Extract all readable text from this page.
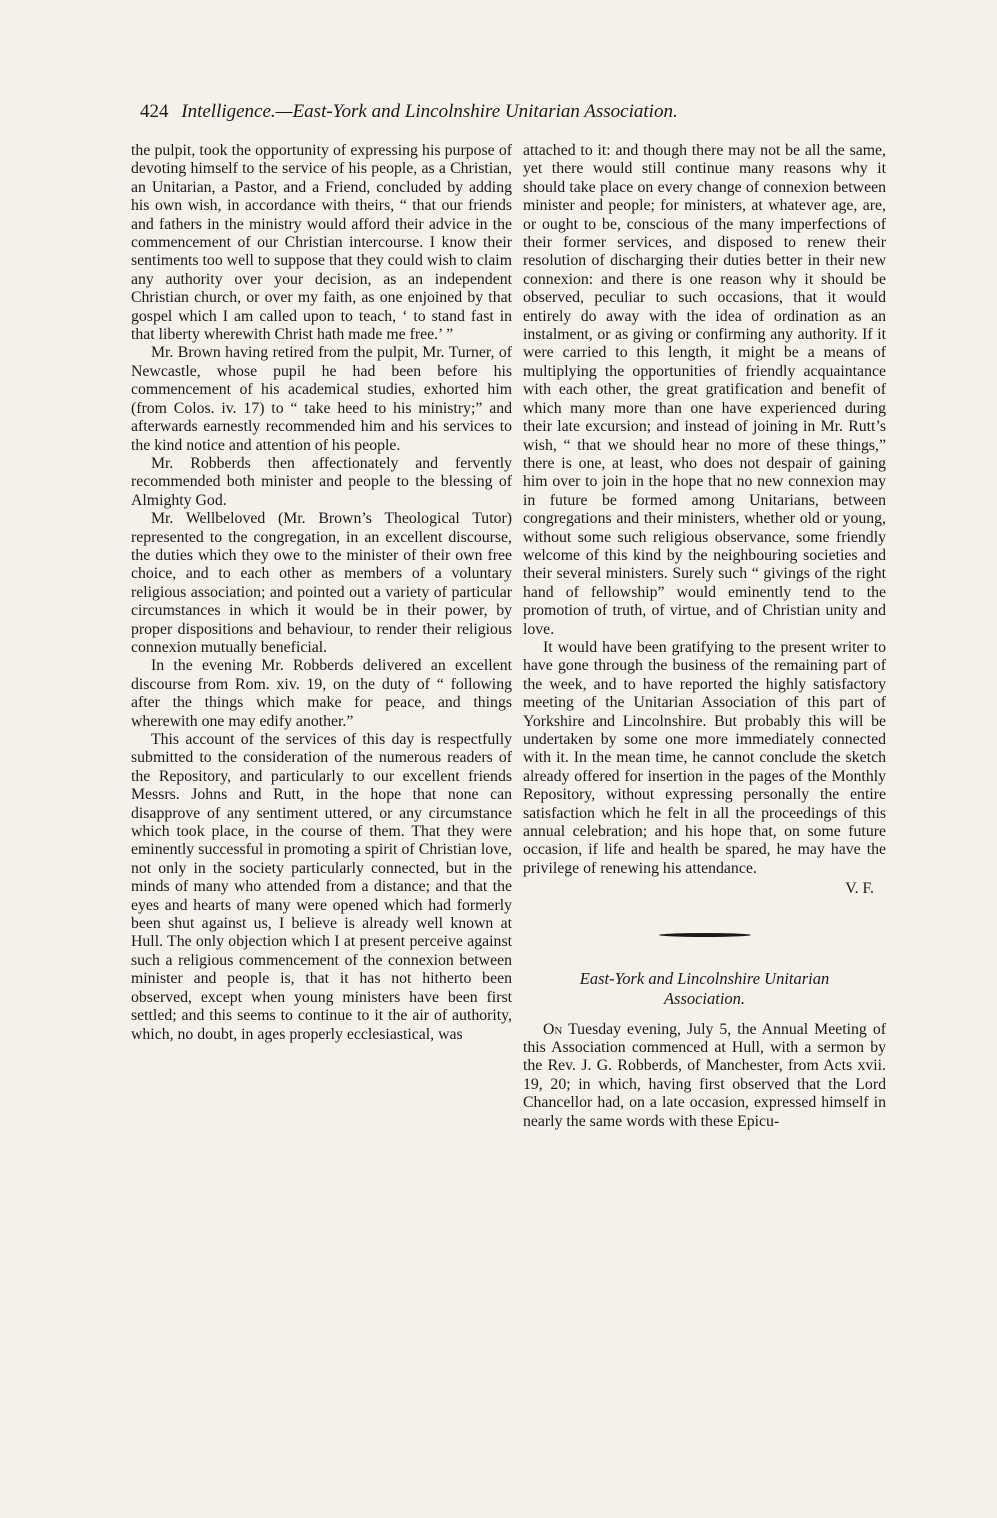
424 Intelligence.—East-York and Lincolnshire Unitarian Association.

the pulpit, took the opportunity of expressing his purpose of devoting himself to the service of his people, as a Christian, an Unitarian, a Pastor, and a Friend, concluded by adding his own wish, in accordance with theirs, “ that our friends and fathers in the ministry would afford their advice in the commencement of our Christian intercourse. I know their sentiments too well to suppose that they could wish to claim any authority over your decision, as an independent Christian church, or over my faith, as one enjoined by that gospel which I am called upon to teach, ‘ to stand fast in that liberty wherewith Christ hath made me free.’ ”

Mr. Brown having retired from the pulpit, Mr. Turner, of Newcastle, whose pupil he had been before his commencement of his academical studies, exhorted him (from Colos. iv. 17) to “ take heed to his ministry;” and afterwards earnestly recommended him and his services to the kind notice and attention of his people.

Mr. Robberds then affectionately and fervently recommended both minister and people to the blessing of Almighty God.

Mr. Wellbeloved (Mr. Brown’s Theological Tutor) represented to the congregation, in an excellent discourse, the duties which they owe to the minister of their own free choice, and to each other as members of a voluntary religious association; and pointed out a variety of particular circumstances in which it would be in their power, by proper dispositions and behaviour, to render their religious connexion mutually beneficial.

In the evening Mr. Robberds delivered an excellent discourse from Rom. xiv. 19, on the duty of “ following after the things which make for peace, and things wherewith one may edify another.”

This account of the services of this day is respectfully submitted to the consideration of the numerous readers of the Repository, and particularly to our excellent friends Messrs. Johns and Rutt, in the hope that none can disapprove of any sentiment uttered, or any circumstance which took place, in the course of them. That they were eminently successful in promoting a spirit of Christian love, not only in the society particularly connected, but in the minds of many who attended from a distance; and that the eyes and hearts of many were opened which had formerly been shut against us, I believe is already well known at Hull. The only objection which I at present perceive against such a religious commencement of the connexion between minister and people is, that it has not hitherto been observed, except when young ministers have been first settled; and this seems to continue to it the air of authority, which, no doubt, in ages properly ecclesiastical, was

attached to it: and though there may not be all the same, yet there would still continue many reasons why it should take place on every change of connexion between minister and people; for ministers, at whatever age, are, or ought to be, conscious of the many imperfections of their former services, and disposed to renew their resolution of discharging their duties better in their new connexion: and there is one reason why it should be observed, peculiar to such occasions, that it would entirely do away with the idea of ordination as an instalment, or as giving or confirming any authority. If it were carried to this length, it might be a means of multiplying the opportunities of friendly acquaintance with each other, the great gratification and benefit of which many more than one have experienced during their late excursion; and instead of joining in Mr. Rutt’s wish, “ that we should hear no more of these things,” there is one, at least, who does not despair of gaining him over to join in the hope that no new connexion may in future be formed among Unitarians, between congregations and their ministers, whether old or young, without some such religious observance, some friendly welcome of this kind by the neighbouring societies and their several ministers. Surely such “ givings of the right hand of fellowship” would eminently tend to the promotion of truth, of virtue, and of Christian unity and love.

It would have been gratifying to the present writer to have gone through the business of the remaining part of the week, and to have reported the highly satisfactory meeting of the Unitarian Association of this part of Yorkshire and Lincolnshire. But probably this will be undertaken by some one more immediately connected with it. In the mean time, he cannot conclude the sketch already offered for insertion in the pages of the Monthly Repository, without expressing personally the entire satisfaction which he felt in all the proceedings of this annual celebration; and his hope that, on some future occasion, if life and health be spared, he may have the privilege of renewing his attendance.

V. F.
East-York and Lincolnshire Unitarian
Association.

On Tuesday evening, July 5, the Annual Meeting of this Association commenced at Hull, with a sermon by the Rev. J. G. Robberds, of Manchester, from Acts xvii. 19, 20; in which, having first observed that the Lord Chancellor had, on a late occasion, expressed himself in nearly the same words with these Epicu-
